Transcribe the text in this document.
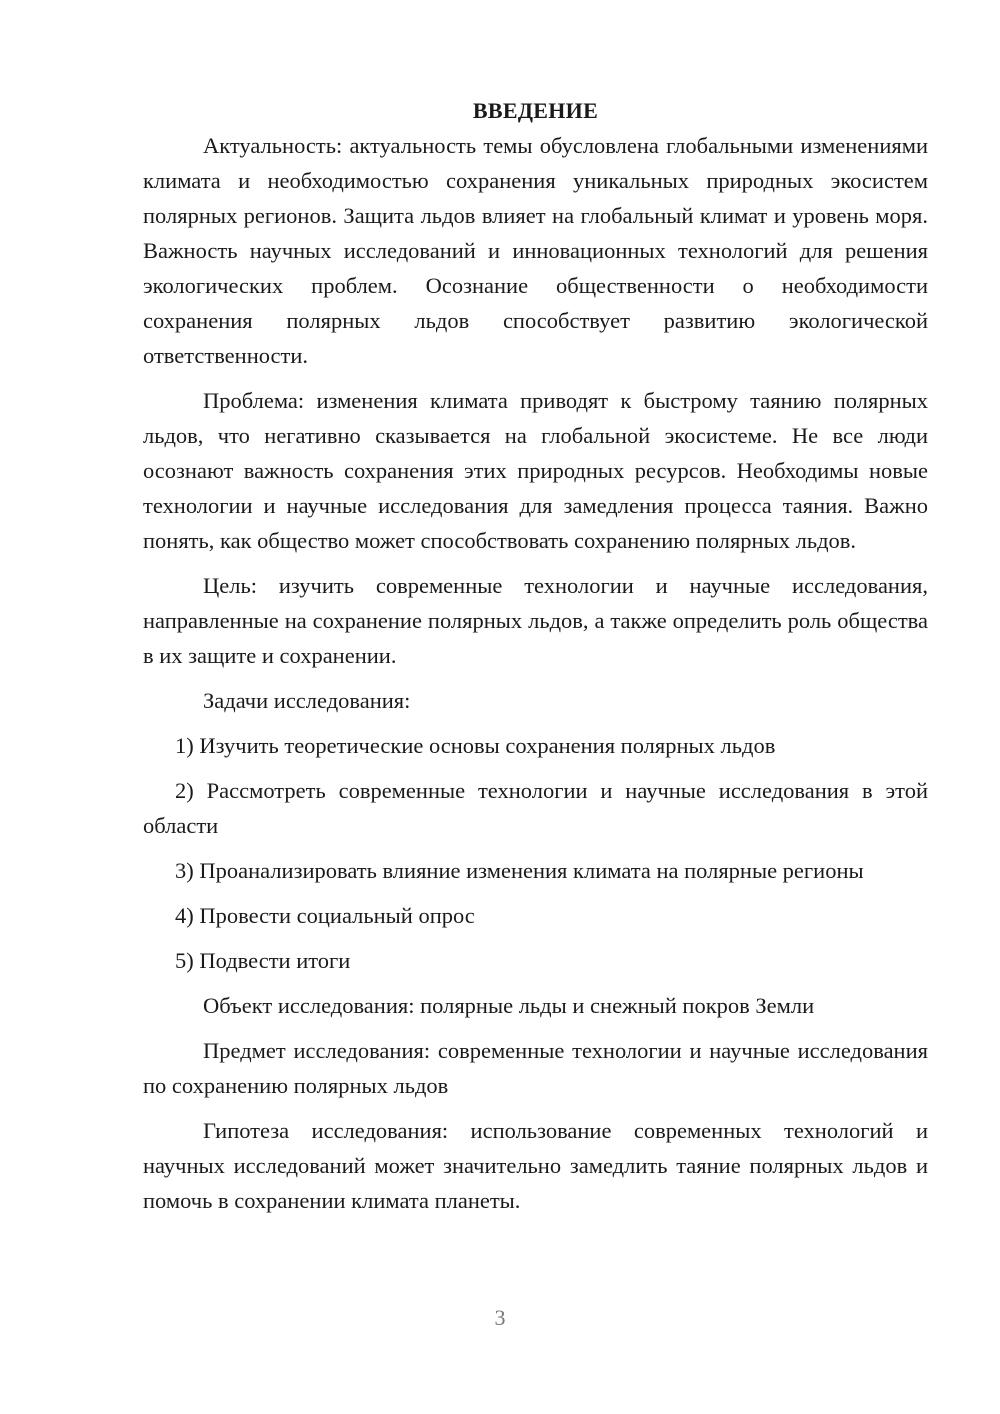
ВВЕДЕНИЕ

Актуальность: актуальность темы обусловлена глобальными изменениями климата и необходимостью сохранения уникальных природных экосистем полярных регионов. Защита льдов влияет на глобальный климат и уровень моря. Важность научных исследований и инновационных технологий для решения экологических проблем. Осознание общественности о необходимости сохранения полярных льдов способствует развитию экологической ответственности.

Проблема: изменения климата приводят к быстрому таянию полярных льдов, что негативно сказывается на глобальной экосистеме. Не все люди осознают важность сохранения этих природных ресурсов. Необходимы новые технологии и научные исследования для замедления процесса таяния. Важно понять, как общество может способствовать сохранению полярных льдов.

Цель: изучить современные технологии и научные исследования, направленные на сохранение полярных льдов, а также определить роль общества в их защите и сохранении.

Задачи исследования:

1) Изучить теоретические основы сохранения полярных льдов

2) Рассмотреть современные технологии и научные исследования в этой области

3) Проанализировать влияние изменения климата на полярные регионы

4) Провести социальный опрос

5) Подвести итоги

Объект исследования: полярные льды и снежный покров Земли

Предмет исследования: современные технологии и научные исследования по сохранению полярных льдов

Гипотеза исследования: использование современных технологий и научных исследований может значительно замедлить таяние полярных льдов и помочь в сохранении климата планеты.

3
